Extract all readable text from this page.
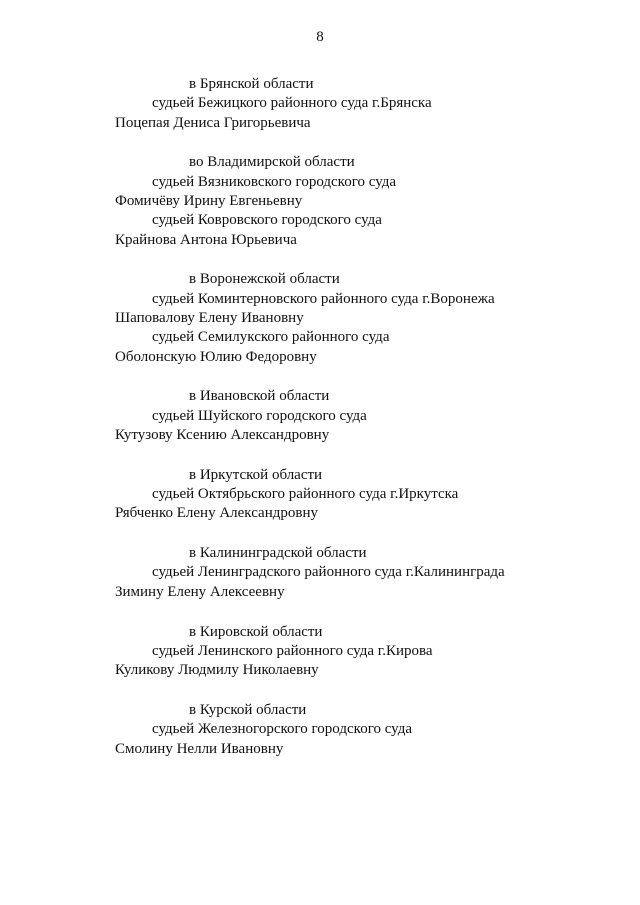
8
в Брянской области
судьей Бежицкого районного суда г.Брянска
Поцепая Дениса Григорьевича
во Владимирской области
судьей Вязниковского городского суда
Фомичёву Ирину Евгеньевну
судьей Ковровского городского суда
Крайнова Антона Юрьевича
в Воронежской области
судьей Коминтерновского районного суда г.Воронежа
Шаповалову Елену Ивановну
судьей Семилукского районного суда
Оболонскую Юлию Федоровну
в Ивановской области
судьей Шуйского городского суда
Кутузову Ксению Александровну
в Иркутской области
судьей Октябрьского районного суда г.Иркутска
Рябченко Елену Александровну
в Калининградской области
судьей Ленинградского районного суда г.Калининграда
Зимину Елену Алексеевну
в Кировской области
судьей Ленинского районного суда г.Кирова
Куликову Людмилу Николаевну
в Курской области
судьей Железногорского городского суда
Смолину Нелли Ивановну
